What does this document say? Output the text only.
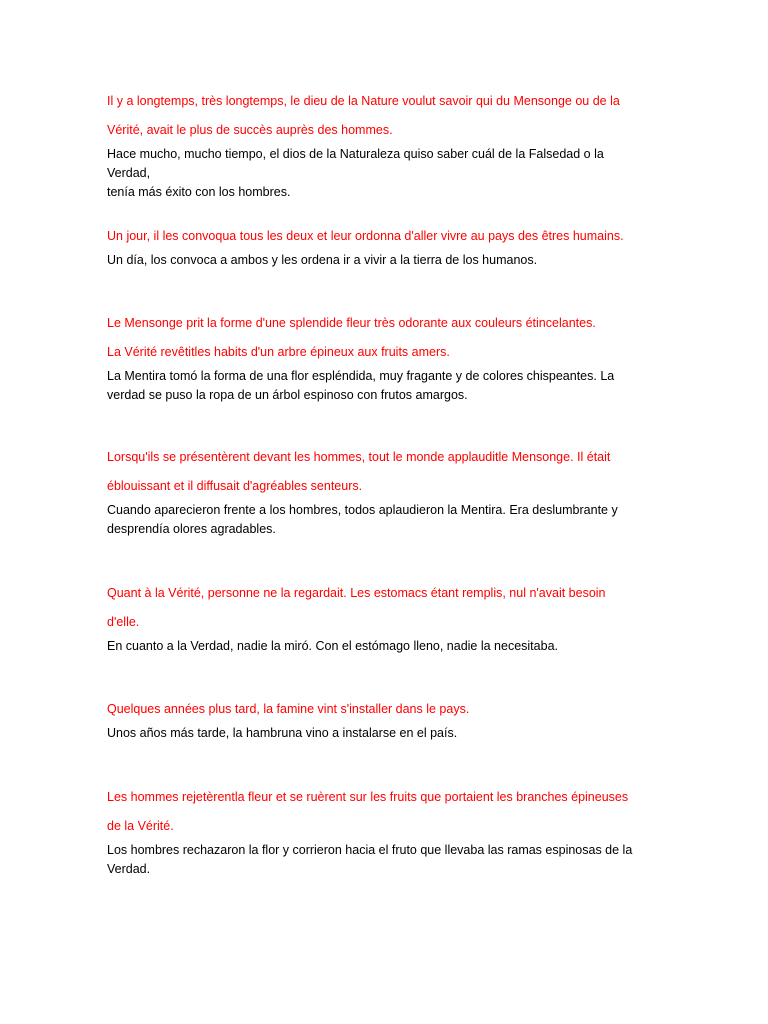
Il y a longtemps, très longtemps, le dieu de la Nature voulut savoir qui du Mensonge ou de la

Vérité, avait le plus de succès auprès des hommes.

Hace mucho, mucho tiempo, el dios de la Naturaleza quiso saber cuál de la Falsedad o la Verdad,

tenía más éxito con los hombres.

Un jour, il les convoqua tous les deux et leur ordonna d'aller vivre au pays des êtres humains.

Un día, los convoca a ambos y les ordena ir a vivir a la tierra de los humanos.

Le Mensonge prit la forme d'une splendide fleur très odorante aux couleurs étincelantes.

La Vérité revêtitles habits d'un arbre épineux aux fruits amers.

La Mentira tomó la forma de una flor espléndida, muy fragante y de colores chispeantes. La

verdad se puso la ropa de un árbol espinoso con frutos amargos.

Lorsqu'ils se présentèrent devant les hommes, tout le monde applauditle Mensonge. Il était

éblouissant et il diffusait d'agréables senteurs.

Cuando aparecieron frente a los hombres, todos aplaudieron la Mentira. Era deslumbrante y

desprendía olores agradables.

Quant à la Vérité, personne ne la regardait. Les estomacs étant remplis, nul n'avait besoin

d'elle.

En cuanto a la Verdad, nadie la miró. Con el estómago lleno, nadie la necesitaba.

Quelques années plus tard, la famine vint s'installer dans le pays.

Unos años más tarde, la hambruna vino a instalarse en el país.

Les hommes rejetèrentla fleur et se ruèrent sur les fruits que portaient les branches épineuses

de la Vérité.

Los hombres rechazaron la flor y corrieron hacia el fruto que llevaba las ramas espinosas de la

Verdad.
